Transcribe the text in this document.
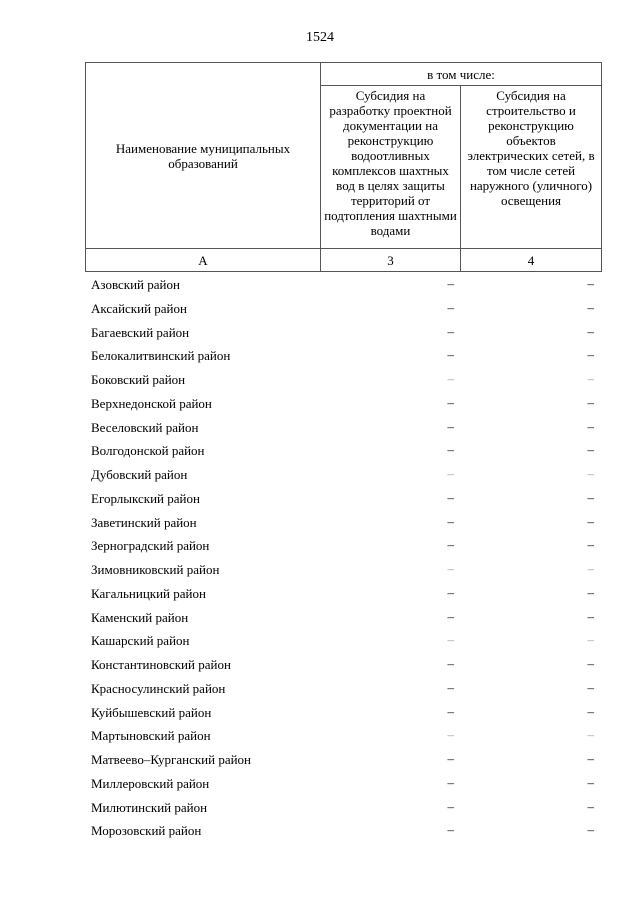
1524
Наименование муниципальных образований	в том числе:	

	Субсидия на разработку проектной документации на реконструкцию водоотливных комплексов шахтных вод в целях защиты территорий от подтопления шахтными водами	Субсидия на строительство и реконструкцию объектов электрических сетей, в том числе сетей наружного (уличного) освещения

А	3	4
Азовский район	–	–
Аксайский район	–	–
Багаевский район	–	–
Белокалитвинский район	–	–
Боковский район	–	–
Верхнедонской район	–	–
Веселовский район	–	–
Волгодонской район	–	–
Дубовский район	–	–
Егорлыкский район	–	–
Заветинский район	–	–
Зерноградский район	–	–
Зимовниковский район	–	–
Кагальницкий район	–	–
Каменский район	–	–
Кашарский район	–	–
Константиновский район	–	–
Красносулинский район	–	–
Куйбышевский район	–	–
Мартыновский район	–	–
Матвеево–Курганский район	–	–
Миллеровский район	–	–
Милютинский район	–	–
Морозовский район	–	–
